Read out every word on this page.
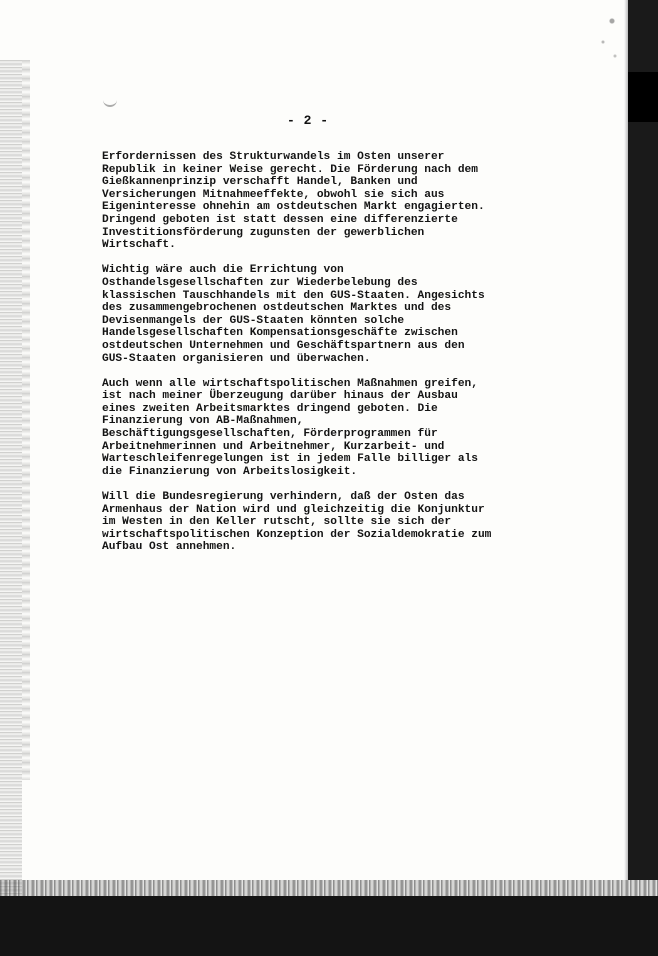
- 2 -
Erfordernissen des Strukturwandels im Osten unserer
Republik in keiner Weise gerecht. Die Förderung nach dem
Gießkannenprinzip verschafft Handel, Banken und
Versicherungen Mitnahmeeffekte, obwohl sie sich aus
Eigeninteresse ohnehin am ostdeutschen Markt engagierten.
Dringend geboten ist statt dessen eine differenzierte
Investitionsförderung zugunsten der gewerblichen
Wirtschaft.
Wichtig wäre auch die Errichtung von
Osthandelsgesellschaften zur Wiederbelebung des
klassischen Tauschhandels mit den GUS-Staaten. Angesichts
des zusammengebrochenen ostdeutschen Marktes und des
Devisenmangels der GUS-Staaten könnten solche
Handelsgesellschaften Kompensationsgeschäfte zwischen
ostdeutschen Unternehmen und Geschäftspartnern aus den
GUS-Staaten organisieren und überwachen.
Auch wenn alle wirtschaftspolitischen Maßnahmen greifen,
ist nach meiner Überzeugung darüber hinaus der Ausbau
eines zweiten Arbeitsmarktes dringend geboten. Die
Finanzierung von AB-Maßnahmen,
Beschäftigungsgesellschaften, Förderprogrammen für
Arbeitnehmerinnen und Arbeitnehmer, Kurzarbeit- und
Warteschleifenregelungen ist in jedem Falle billiger als
die Finanzierung von Arbeitslosigkeit.
Will die Bundesregierung verhindern, daß der Osten das
Armenhaus der Nation wird und gleichzeitig die Konjunktur
im Westen in den Keller rutscht, sollte sie sich der
wirtschaftspolitischen Konzeption der Sozialdemokratie zum
Aufbau Ost annehmen.
